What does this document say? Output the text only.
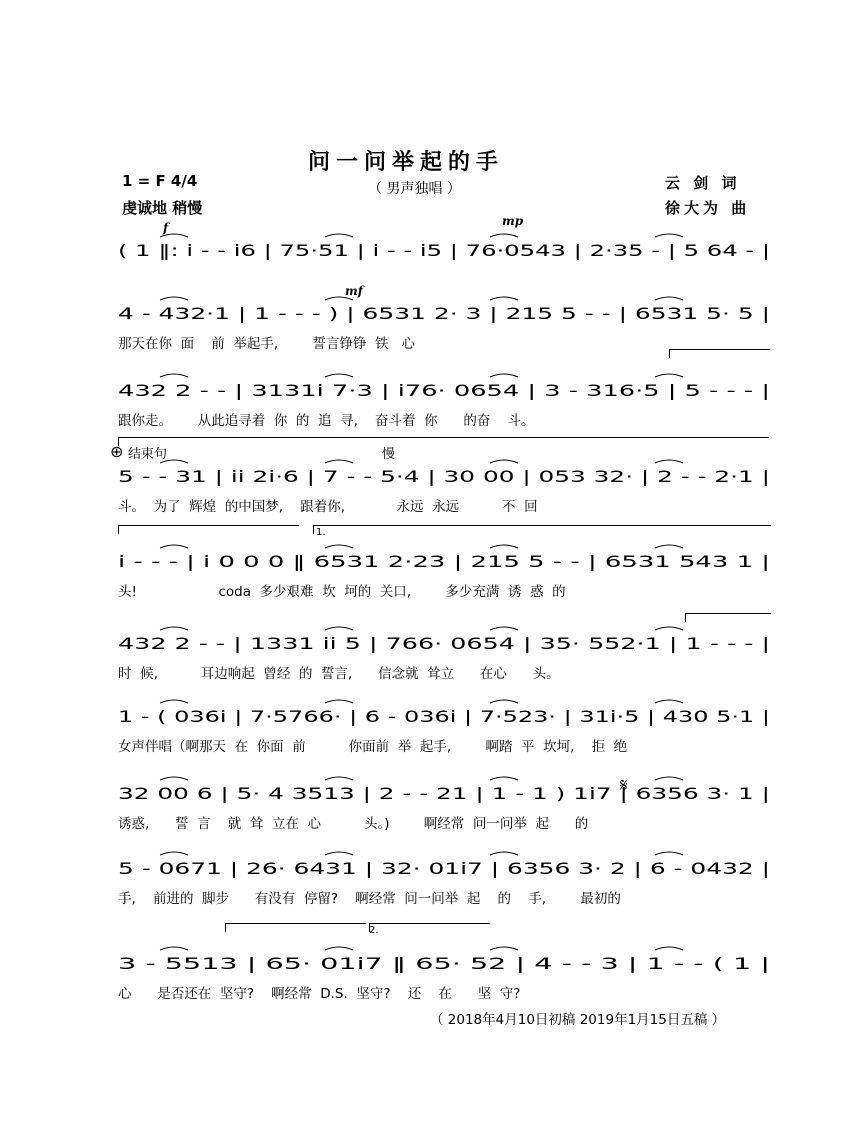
问一问举起的手
1 = F 4/4	（ 男声独唱 ）	云 剑 词
虔诚地 稍慢	徐大为 曲
( 1 ‖: i - - i6 | 75·51 | i - - i5 | 76·0543 | 2·35 - | 5 64 - |
4 - 432·1 | 1 - - - ) | 6531 2· 3 | 215 5 - - | 6531 5· 5 |
那天在你  面    前  举起手,        誓言铮铮  铁   心
432 2 - - | 3131i 7·3 | i76· 0654 | 3 - 316·5 | 5 - - - |
跟你走。      从此追寻着  你  的  追  寻,    奋斗着  你      的奋    斗。
5 - - 31 | ii 2i·6 | 7 - - 5·4 | 30 00 | 053 32· | 2 - - 2·1 |
斗。  为了  辉煌  的中国梦,    跟着你,            永远  永远          不  回
i - - - | i 0 0 0 ‖ 6531 2·23 | 215 5 - - | 6531 543 1 |
头!                   coda  多少艰难  坎  坷的  关口,        多少充满  诱  惑  的
432 2 - - | 1331 ii 5 | 766· 0654 | 35· 552·1 | 1 - - - |
时  候,          耳边响起  曾经  的  誓言,      信念就  耸立      在心      头。
1 - ( 036i | 7·5766· | 6 - 036i | 7·523· | 31i·5 | 430 5·1 |
女声伴唱（啊那天  在  你面  前          你面前  举  起手,        啊踏  平  坎坷,    拒  绝
32 00 6 | 5· 4 3513 | 2 - - 21 | 1 - 1 ) 1i7 | 6356 3· 1 |
诱惑,      誓  言    就  耸  立在  心          头。)        啊经常  问一问举  起      的
5 - 0671 | 26· 6431 | 32· 01i7 | 6356 3· 2 | 6 - 0432 |
手,    前进的  脚步      有没有  停留?    啊经常  问一问举  起    的    手,        最初的
3 - 5513 | 65· 01i7 ‖ 65· 52 | 4 - - 3 | 1 - - ( 1 |
心      是否还在  坚守?    啊经常  D.S.  坚守?    还    在      坚  守?
f	mp
mf
结束句
⊕	慢
1.
𝄋
2.
（ 2018年4月10日初稿 2019年1月15日五稿 ）
